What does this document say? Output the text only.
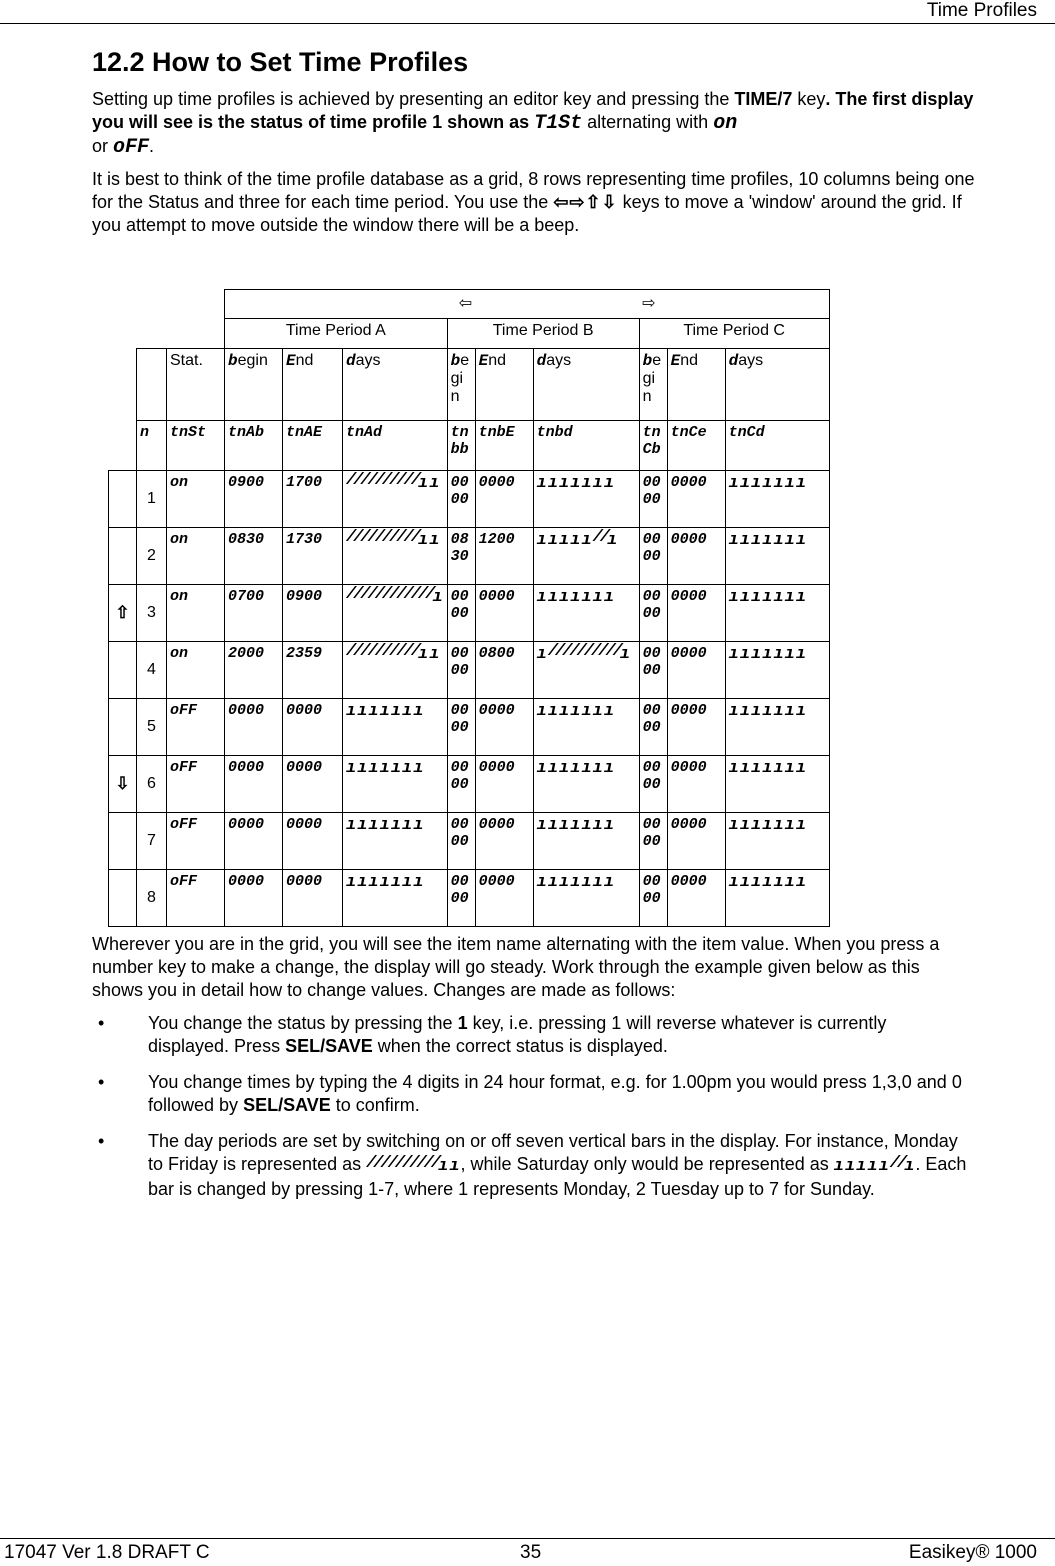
Time Profiles
12.2 How to Set Time Profiles

Setting up time profiles is achieved by presenting an editor key and pressing the TIME/7 key. The first display you will see is the status of time profile 1 shown as T1St alternating with on
or oFF.

It is best to think of the time profile database as a grid, 8 rows representing time profiles, 10 columns being one for the Status and three for each time period. You use the ⇦⇨⇧⇩ keys to move a 'window' around the grid. If you attempt to move outside the window there will be a beep.

			⇦						⇨		
			Time Period A			Time Period B			Time Period C		
		Stat.	begin	End	days	begin	End	days	begin	End	days
	n	tnSt	tnAb	tnAE	tnAd	tnbb	tnbE	tnbd	tnCb	tnCe	tnCd
	1	on	0900	1700	//////////ıı	0000	0000	ııııııı	0000	0000	ııııııı
	2	on	0830	1730	//////////ıı	0830	1200	ııııı//ı	0000	0000	ııııııı
⇧	3	on	0700	0900	////////////ı	0000	0000	ııııııı	0000	0000	ııııııı
	4	on	2000	2359	//////////ıı	0000	0800	ı//////////ı	0000	0000	ııııııı
	5	oFF	0000	0000	ııııııı	0000	0000	ııııııı	0000	0000	ııııııı
⇩	6	oFF	0000	0000	ııııııı	0000	0000	ııııııı	0000	0000	ııııııı
	7	oFF	0000	0000	ııııııı	0000	0000	ııııııı	0000	0000	ııııııı
	8	oFF	0000	0000	ııııııı	0000	0000	ııııııı	0000	0000	ııııııı

Wherever you are in the grid, you will see the item name alternating with the item value. When you press a number key to make a change, the display will go steady. Work through the example given below as this shows you in detail how to change values. Changes are made as follows:

• You change the status by pressing the 1 key, i.e. pressing 1 will reverse whatever is currently displayed. Press SEL/SAVE when the correct status is displayed.
• You change times by typing the 4 digits in 24 hour format, e.g. for 1.00pm you would press 1,3,0 and 0 followed by SEL/SAVE to confirm.
• The day periods are set by switching on or off seven vertical bars in the display. For instance, Monday to Friday is represented as //////////ıı, while Saturday only would be represented as ııııı//ı. Each bar is changed by pressing 1-7, where 1 represents Monday, 2 Tuesday up to 7 for Sunday.
17047 Ver 1.8 DRAFT C	35	Easikey® 1000
